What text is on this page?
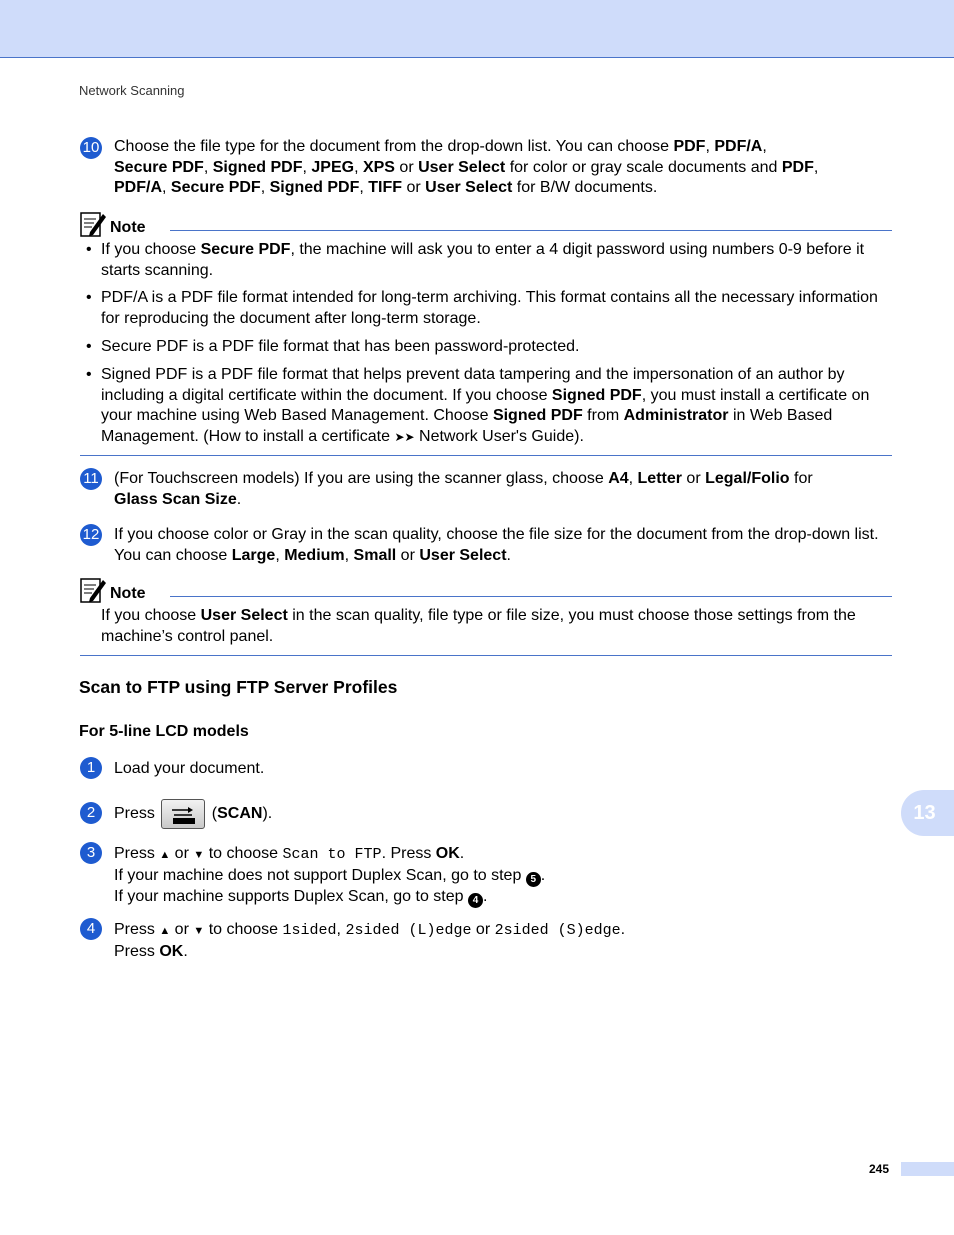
Network Scanning
10 Choose the file type for the document from the drop-down list. You can choose PDF, PDF/A,
Secure PDF, Signed PDF, JPEG, XPS or User Select for color or gray scale documents and PDF,
PDF/A, Secure PDF, Signed PDF, TIFF or User Select for B/W documents.
Note
• If you choose Secure PDF, the machine will ask you to enter a 4 digit password using numbers 0-9 before it starts scanning.
• PDF/A is a PDF file format intended for long-term archiving. This format contains all the necessary information for reproducing the document after long-term storage.
• Secure PDF is a PDF file format that has been password-protected.
• Signed PDF is a PDF file format that helps prevent data tampering and the impersonation of an author by including a digital certificate within the document. If you choose Signed PDF, you must install a certificate on your machine using Web Based Management. Choose Signed PDF from Administrator in Web Based Management. (How to install a certificate ➤➤ Network User's Guide).
11 (For Touchscreen models) If you are using the scanner glass, choose A4, Letter or Legal/Folio for
Glass Scan Size.
12 If you choose color or Gray in the scan quality, choose the file size for the document from the drop-down list. You can choose Large, Medium, Small or User Select.
Note
If you choose User Select in the scan quality, file type or file size, you must choose those settings from the machine’s control panel.
Scan to FTP using FTP Server Profiles
For 5-line LCD models
1	Load your document.
2	Press	(SCAN).
3	Press ▲ or ▼ to choose Scan to FTP. Press OK.
If your machine does not support Duplex Scan, go to step 5 .
If your machine supports Duplex Scan, go to step 4 .
4	Press ▲ or ▼ to choose 1sided, 2sided (L)edge or 2sided (S)edge.
Press OK.
13
245
